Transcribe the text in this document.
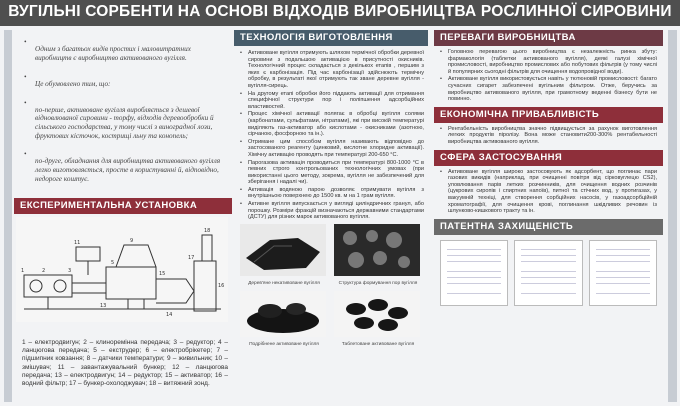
ВУГІЛЬНІ СОРБЕНТИ НА ОСНОВІ ВІДХОДІВ ВИРОБНИЦТВА РОСЛИННОЇ СИРОВИНИ
•

Одним з багатьох видів простих і маловитратних виробництв є виробництво активованого вугілля.

•

Це обумовлено тим, що:

•

по-перше, активоване вугілля виробляється з дешевої відновлюваної сировини - торфу, відходів деревообробки й сільського господарства, у тому числі з виноградної лози, фруктових кісточок, кострищі льну та конопель;

•

по-друге, обладнання для виробництва активованого вугілля легко виготовляється, просте в користуванні й, відповідно, недороге коштує.

ЕКСПЕРИМЕНТАЛЬНА УСТАНОВКА
1	2	3
11
5
9
15
17
18
16
13
14

1 – електродвигун; 2 – клиноремінна передача; 3 – редуктор; 4 – ланцюгова передача; 5 – екструдер; 6 – електробрікетер; 7 – підшипник ковзання; 8 – датчики температури; 9 – живильник; 10 – змішувач; 11 – завантажувальний бункер; 12 – ланцюгова передача; 13 – електродвигун; 14 – редуктор; 15 – активатор; 16 – водний фільтр; 17 – бункер-охолоджувач; 18 – витяжний зонд.

ТЕХНОЛОГІЯ ВИГОТОВЛЕННЯ
•	Активоване вугілля отримують шляхом термічної обробки деревної сировини з подальшою активацією в присутності окисників. Технологічний процес складається з декількох етапів , першим з яких є карбонізація. Під час карбонізації здійснюють термічну обробку, в результаті якої отримують так зване деревне вугілля - вугілля-сирець.
•	На другому етапі обробки його піддають активації для отримання специфічної структури пор і поліпшення адсорбційних властивостей.
•	Процес хімічної активації полягає в обробці вугілля солями (карбонатами, сульфатами, нітратами), які при високій температурі виділяють газ-активатор або кислотами - окисниками (азотною, сірчаною, фосфорною та ін.).
•	Отримане цим способом вугілля називають відповідно до застосованого реагенту (цинковий, кислотне хлоридне активації). Хімічну активацію проводять при температурі 200-650 °С.
•	Парогазова активація проводиться при температурі 800-1000 °С в певних строго контрольованих технологічних умовах (при використанні цього методу, зокрема, вугілля не забезпечений для зберігання і надалі чи).
•	Активація водяною парою дозволяє отримувати вугілля з внутрішньою поверхнею до 1500 кв. м на 1 грам вугілля.
•	Активне вугілля випускається у вигляді циліндричних гранул, або порошку. Розміри фракцій визначаються державними стандартами (ДСТУ) для різних марок активованого вугілля.
Дерев'яне некативоване вугілля	Структура формування пор вугілля
Подрібнене активоване вугілля	Таблетоване активоване вугілля
ПЕРЕВАГИ ВИРОБНИЦТВА
•	Головною перевагою цього виробництва є незалежність ринка збуту: фармакологія (таблетки активованого вугілля), деякі галузі хімічної промисловості, виробництво промислових або побутових фільтрів (у тому числі й популярних сьогодні фільтрів для очищення водопровідної води).
•	Активоване вугілля використовується навіть у тютюновій промисловості: багато сучасних сигарет забезпечені вугільним фільтром. Отже, беручись за виробництво активованого вугілля, при грамотному веденні бізнесу бути не повинно.
ЕКОНОМІЧНА ПРИВАБЛИВІСТЬ
•	Рентабельність виробництва значно підвищується за рахунок виготовлення легких продуктів піролізу. Вона може становити200-300% рентабельності виробництва активованого вугілля.
СФЕРА ЗАСТОСУВАННЯ
•	Активоване вугілля широко застосовують як адсорбент, що поглинає пари газових викидів (наприклад, при очищенні повітря від сірковуглецю CS2), уловлювання парів летких розчинників, для очищення водних розчинів (цукрових сиропів і спиртних напоїв), питної та стічних вод, у протигазах, у вакуумній техніці, для створення сорбційних насосів, у газоадсорбційній хроматографії, для очищення крові, поглинання шкідливих речовин із шлунково-кишкового тракту та ін.
ПАТЕНТНА ЗАХИЩЕНІСТЬ
